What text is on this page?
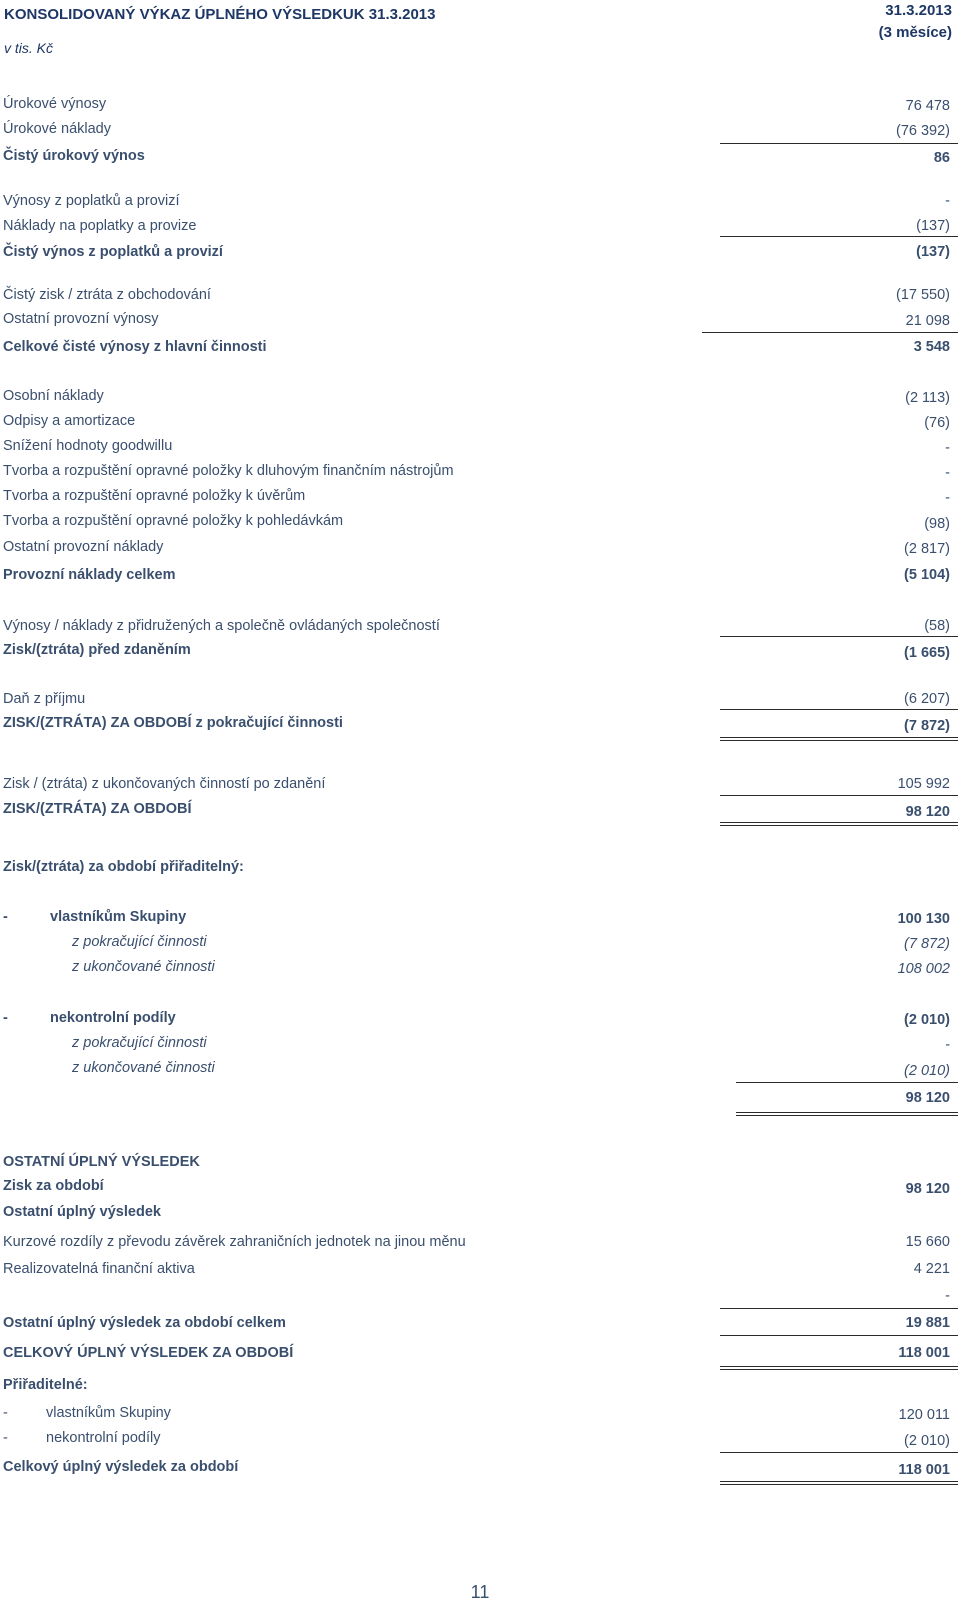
KONSOLIDOVANÝ VÝKAZ ÚPLNÉHO VÝSLEDKUK 31.3.2013
v tis. Kč
31.3.2013
(3 měsíce)
Úrokové výnosy	76 478
Úrokové náklady	(76 392)
Čistý úrokový výnos	86
Výnosy z poplatků a provizí	-
Náklady na poplatky a provize	(137)
Čistý výnos z poplatků a provizí	(137)
Čistý zisk / ztráta z obchodování	(17 550)
Ostatní provozní výnosy	21 098
Celkové čisté výnosy z hlavní činnosti	3 548
Osobní náklady	(2 113)
Odpisy a amortizace	(76)
Snížení hodnoty goodwillu	-
Tvorba a rozpuštění opravné položky k dluhovým finančním nástrojům	-
Tvorba a rozpuštění opravné položky k úvěrům	-
Tvorba a rozpuštění opravné položky k pohledávkám	(98)
Ostatní provozní náklady	(2 817)
Provozní náklady celkem	(5 104)
Výnosy / náklady z přidružených a společně ovládaných společností	(58)
Zisk/(ztráta) před zdaněním	(1 665)
Daň z příjmu	(6 207)
ZISK/(ZTRÁTA) ZA OBDOBÍ z pokračující činnosti	(7 872)
Zisk / (ztráta) z ukončovaných činností po zdanění	105 992
ZISK/(ZTRÁTA) ZA OBDOBÍ	98 120
Zisk/(ztráta) za období přiřaditelný:
-	vlastníkům Skupiny	100 130
z pokračující činnosti	(7 872)
z ukončované činnosti	108 002
-	nekontrolní podíly	(2 010)
z pokračující činnosti	-
z ukončované činnosti	(2 010)
98 120
OSTATNÍ ÚPLNÝ VÝSLEDEK
Zisk za období	98 120
Ostatní úplný výsledek
Kurzové rozdíly z převodu závěrek zahraničních jednotek na jinou měnu	15 660
Realizovatelná finanční aktiva	4 221
-
Ostatní úplný výsledek za období celkem	19 881
CELKOVÝ ÚPLNÝ VÝSLEDEK ZA OBDOBÍ	118 001
Přiřaditelné:
-	vlastníkům Skupiny	120 011
-	nekontrolní podíly	(2 010)
Celkový úplný výsledek za období	118 001
11
